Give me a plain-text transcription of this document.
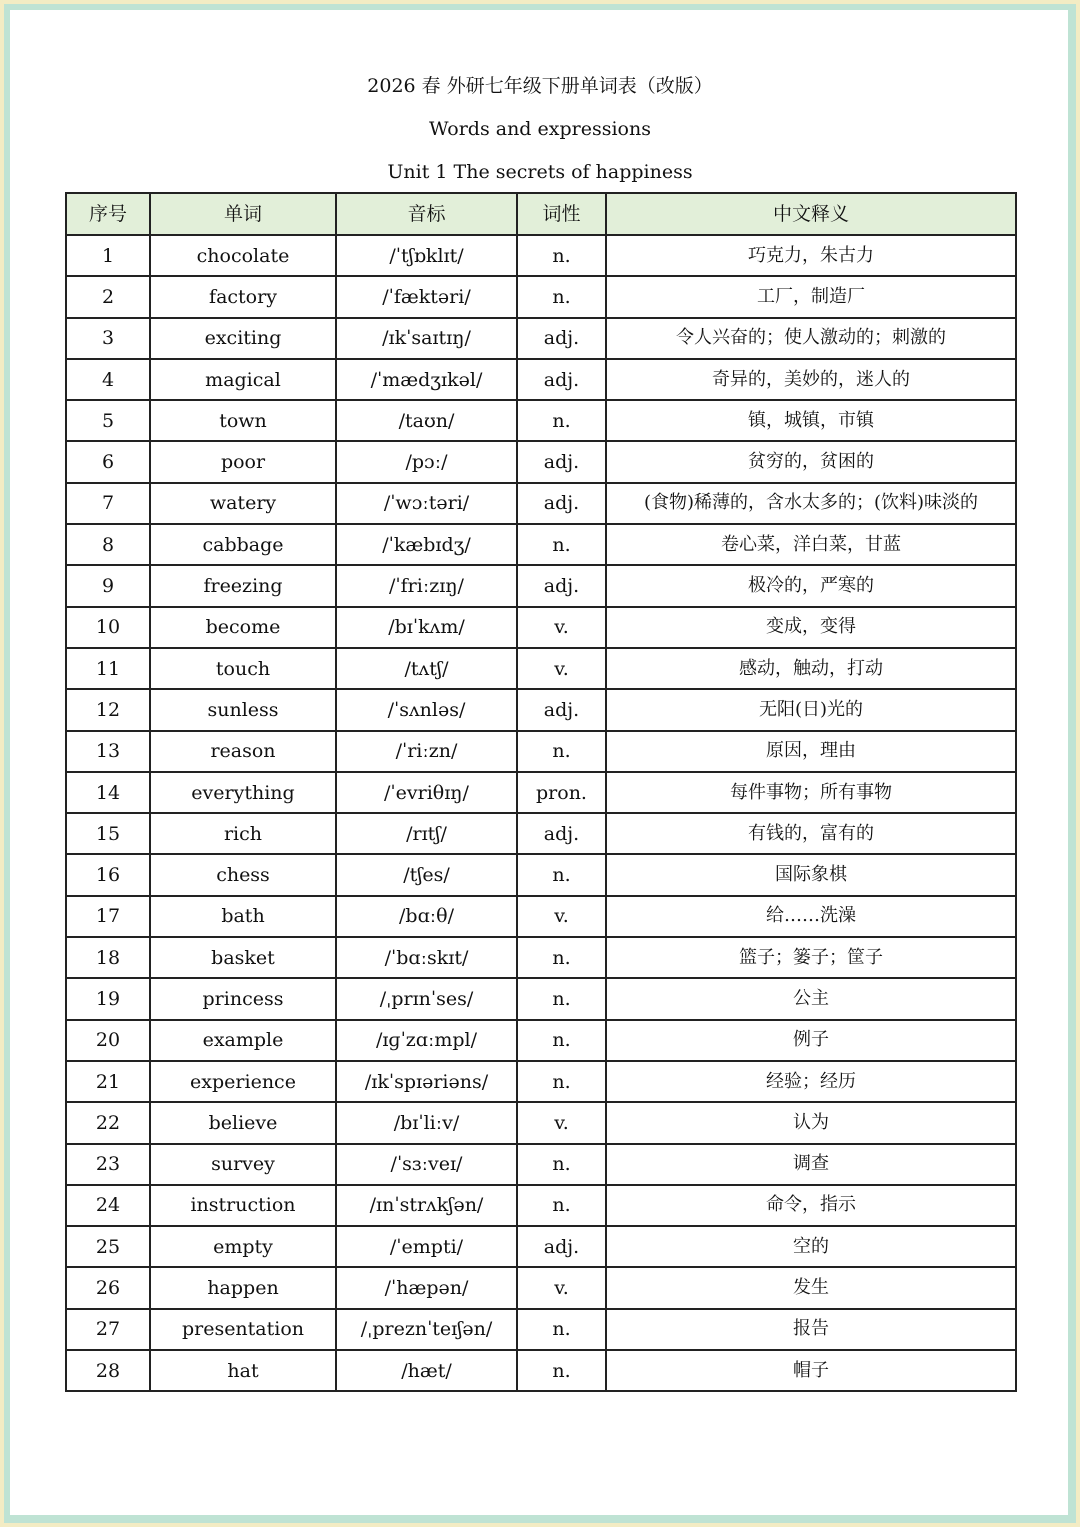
2026 春 外研七年级下册单词表（改版）
Words and expressions
Unit 1 The secrets of happiness
序号	单词	音标	词性	中文释义
1	chocolate	/ˈtʃɒklɪt/	n.	巧克力，朱古力
2	factory	/ˈfæktəri/	n.	工厂，制造厂
3	exciting	/ɪkˈsaɪtɪŋ/	adj.	令人兴奋的；使人激动的；刺激的
4	magical	/ˈmædʒɪkəl/	adj.	奇异的，美妙的，迷人的
5	town	/taʊn/	n.	镇，城镇，市镇
6	poor	/pɔː/	adj.	贫穷的，贫困的
7	watery	/ˈwɔːtəri/	adj.	(食物)稀薄的，含水太多的；(饮料)味淡的
8	cabbage	/ˈkæbɪdʒ/	n.	卷心菜，洋白菜，甘蓝
9	freezing	/ˈfriːzɪŋ/	adj.	极冷的，严寒的
10	become	/bɪˈkʌm/	v.	变成，变得
11	touch	/tʌtʃ/	v.	感动，触动，打动
12	sunless	/ˈsʌnləs/	adj.	无阳(日)光的
13	reason	/ˈriːzn/	n.	原因，理由
14	everything	/ˈevriθɪŋ/	pron.	每件事物；所有事物
15	rich	/rɪtʃ/	adj.	有钱的，富有的
16	chess	/tʃes/	n.	国际象棋
17	bath	/bɑːθ/	v.	给……洗澡
18	basket	/ˈbɑːskɪt/	n.	篮子；篓子；筐子
19	princess	/ˌprɪnˈses/	n.	公主
20	example	/ɪɡˈzɑːmpl/	n.	例子
21	experience	/ɪkˈspɪəriəns/	n.	经验；经历
22	believe	/bɪˈliːv/	v.	认为
23	survey	/ˈsɜːveɪ/	n.	调查
24	instruction	/ɪnˈstrʌkʃən/	n.	命令，指示
25	empty	/ˈempti/	adj.	空的
26	happen	/ˈhæpən/	v.	发生
27	presentation	/ˌpreznˈteɪʃən/	n.	报告
28	hat	/hæt/	n.	帽子
